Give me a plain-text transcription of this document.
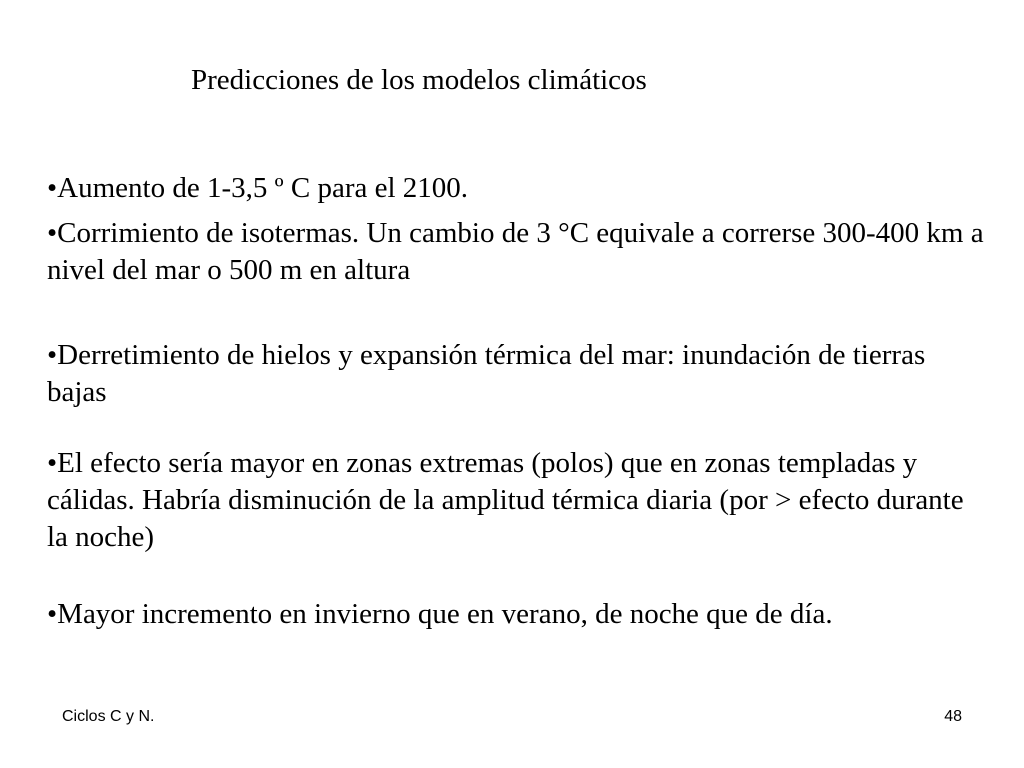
Predicciones de los modelos climáticos

•Aumento de 1-3,5 º C para el 2100.

•Corrimiento de isotermas. Un cambio de 3 °C equivale a correrse 300-400 km a nivel del mar o 500 m en altura

•Derretimiento de hielos y expansión térmica del mar: inundación de tierras bajas

•El efecto sería mayor en zonas extremas (polos) que en zonas templadas y cálidas. Habría disminución de la amplitud térmica diaria (por > efecto durante la noche)

•Mayor incremento en invierno que en verano, de noche que de día.

Ciclos C y N.	48
